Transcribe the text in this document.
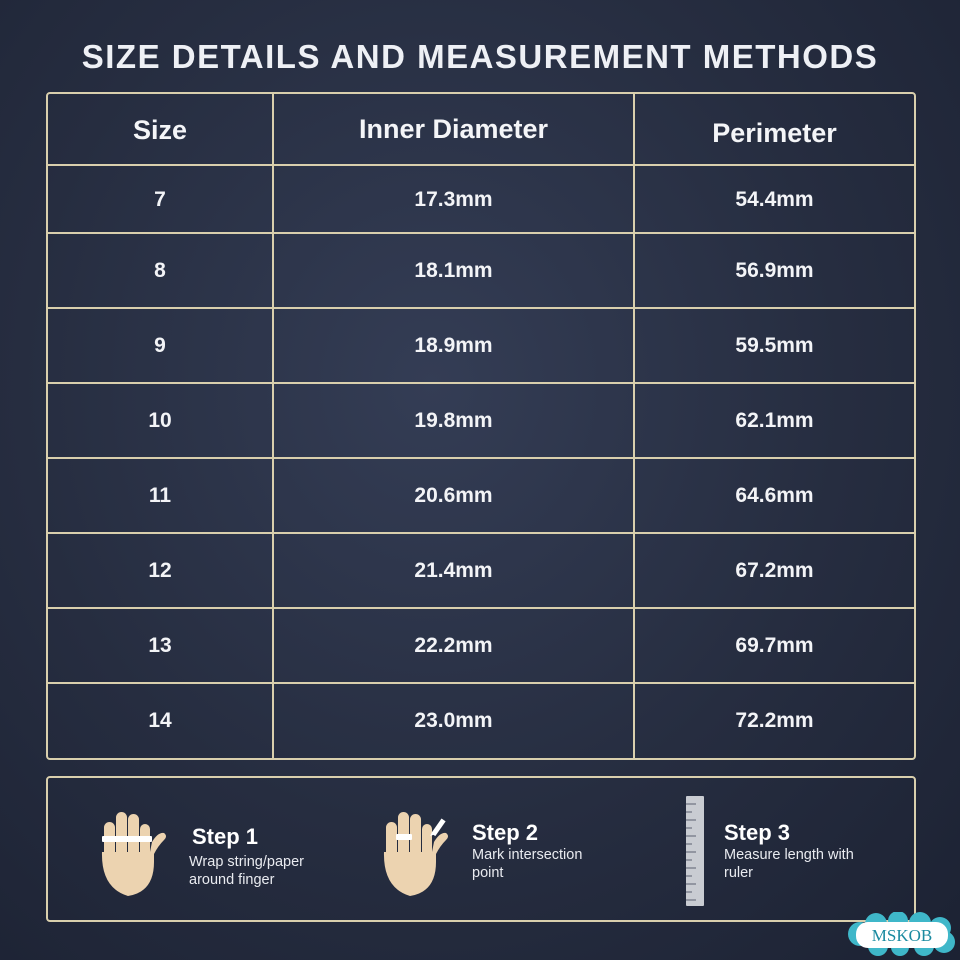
SIZE DETAILS AND MEASUREMENT METHODS
Size	Inner Diameter	Perimeter
7	17.3mm	54.4mm
8	18.1mm	56.9mm
9	18.9mm	59.5mm
10	19.8mm	62.1mm
11	20.6mm	64.6mm
12	21.4mm	67.2mm
13	22.2mm	69.7mm
14	23.0mm	72.2mm
Step 1
Wrap string/paper
around finger
Step 2
Mark intersection
point
Step 3
Measure length with
ruler
MSKOB
